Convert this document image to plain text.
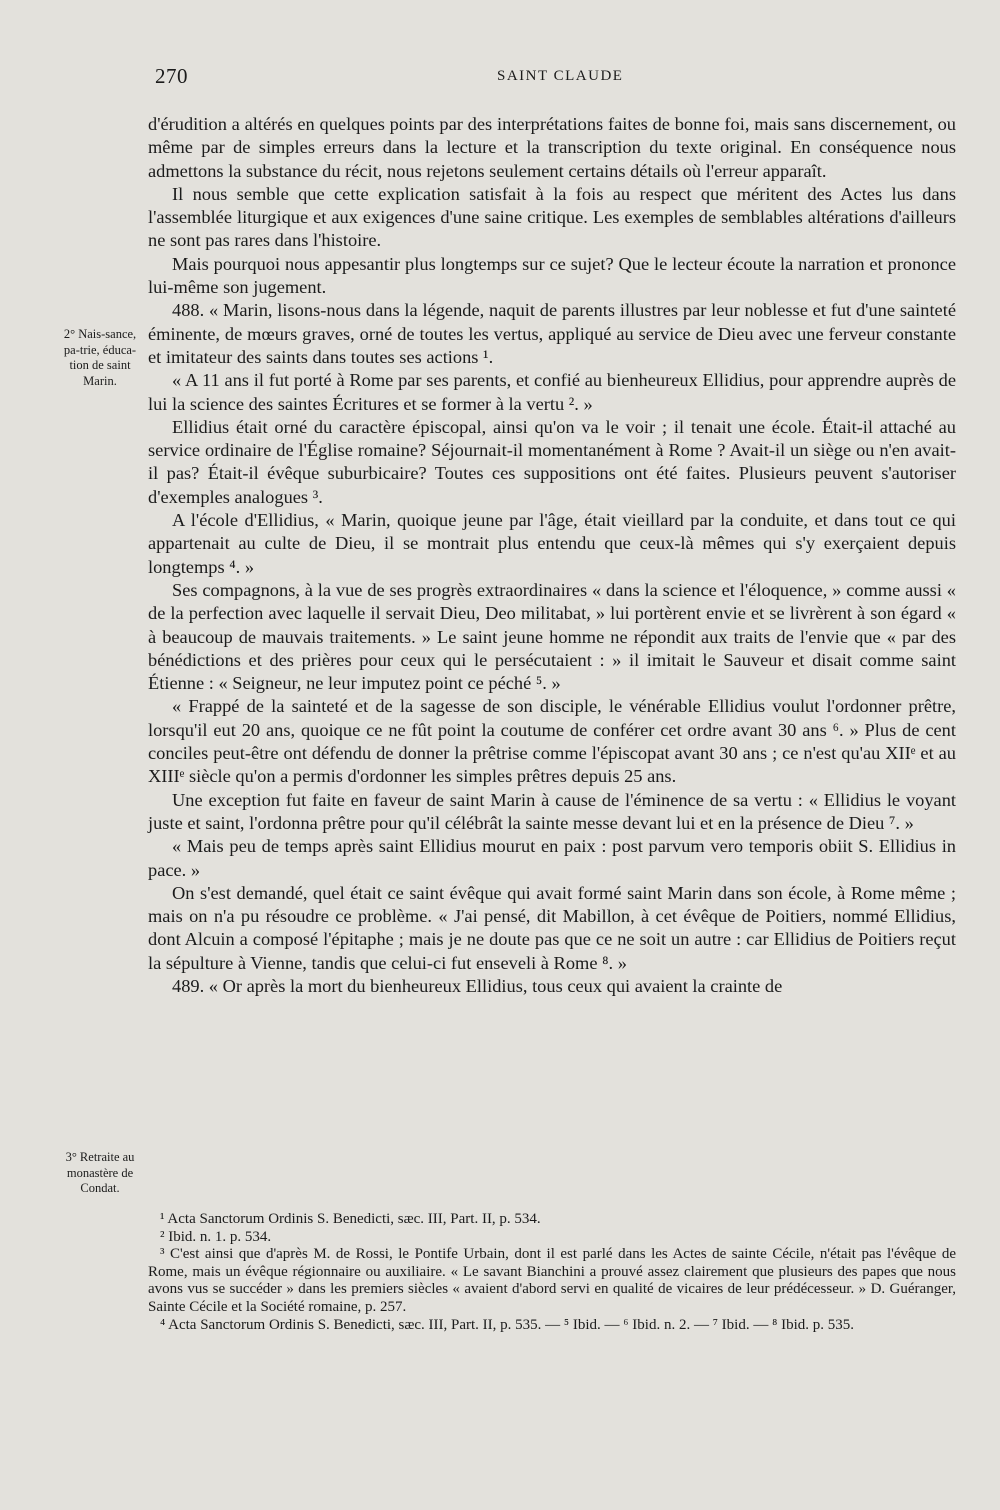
270	SAINT CLAUDE
2° Nais-sance, pa-trie, éduca-tion de saint Marin.
3° Retraite au monastère de Condat.

d'érudition a altérés en quelques points par des interprétations faites de bonne foi, mais sans discernement, ou même par de simples erreurs dans la lecture et la transcription du texte original. En conséquence nous admettons la substance du récit, nous rejetons seulement certains détails où l'erreur apparaît.

Il nous semble que cette explication satisfait à la fois au respect que méritent des Actes lus dans l'assemblée liturgique et aux exigences d'une saine critique. Les exemples de semblables altérations d'ailleurs ne sont pas rares dans l'histoire.

Mais pourquoi nous appesantir plus longtemps sur ce sujet? Que le lecteur écoute la narration et prononce lui-même son jugement.

488. « Marin, lisons-nous dans la légende, naquit de parents illustres par leur noblesse et fut d'une sainteté éminente, de mœurs graves, orné de toutes les vertus, appliqué au service de Dieu avec une ferveur constante et imitateur des saints dans toutes ses actions ¹.

« A 11 ans il fut porté à Rome par ses parents, et confié au bienheureux Ellidius, pour apprendre auprès de lui la science des saintes Écritures et se former à la vertu ². »

Ellidius était orné du caractère épiscopal, ainsi qu'on va le voir ; il tenait une école. Était-il attaché au service ordinaire de l'Église romaine? Séjournait-il momentanément à Rome ? Avait-il un siège ou n'en avait-il pas? Était-il évêque suburbicaire? Toutes ces suppositions ont été faites. Plusieurs peuvent s'autoriser d'exemples analogues ³.

A l'école d'Ellidius, « Marin, quoique jeune par l'âge, était vieillard par la conduite, et dans tout ce qui appartenait au culte de Dieu, il se montrait plus entendu que ceux-là mêmes qui s'y exerçaient depuis longtemps ⁴. »

Ses compagnons, à la vue de ses progrès extraordinaires « dans la science et l'éloquence, » comme aussi « de la perfection avec laquelle il servait Dieu, Deo militabat, » lui portèrent envie et se livrèrent à son égard « à beaucoup de mauvais traitements. » Le saint jeune homme ne répondit aux traits de l'envie que « par des bénédictions et des prières pour ceux qui le persécutaient : » il imitait le Sauveur et disait comme saint Étienne : « Seigneur, ne leur imputez point ce péché ⁵. »

« Frappé de la sainteté et de la sagesse de son disciple, le vénérable Ellidius voulut l'ordonner prêtre, lorsqu'il eut 20 ans, quoique ce ne fût point la coutume de conférer cet ordre avant 30 ans ⁶. » Plus de cent conciles peut-être ont défendu de donner la prêtrise comme l'épiscopat avant 30 ans ; ce n'est qu'au XIIᵉ et au XIIIᵉ siècle qu'on a permis d'ordonner les simples prêtres depuis 25 ans.

Une exception fut faite en faveur de saint Marin à cause de l'éminence de sa vertu : « Ellidius le voyant juste et saint, l'ordonna prêtre pour qu'il célébrât la sainte messe devant lui et en la présence de Dieu ⁷. »

« Mais peu de temps après saint Ellidius mourut en paix : post parvum vero temporis obiit S. Ellidius in pace. »

On s'est demandé, quel était ce saint évêque qui avait formé saint Marin dans son école, à Rome même ; mais on n'a pu résoudre ce problème. « J'ai pensé, dit Mabillon, à cet évêque de Poitiers, nommé Ellidius, dont Alcuin a composé l'épitaphe ; mais je ne doute pas que ce ne soit un autre : car Ellidius de Poitiers reçut la sépulture à Vienne, tandis que celui-ci fut enseveli à Rome ⁸. »

489. « Or après la mort du bienheureux Ellidius, tous ceux qui avaient la crainte de

¹ Acta Sanctorum Ordinis S. Benedicti, sæc. III, Part. II, p. 534.

² Ibid. n. 1. p. 534.

³ C'est ainsi que d'après M. de Rossi, le Pontife Urbain, dont il est parlé dans les Actes de sainte Cécile, n'était pas l'évêque de Rome, mais un évêque régionnaire ou auxiliaire. « Le savant Bianchini a prouvé assez clairement que plusieurs des papes que nous avons vus se succéder » dans les premiers siècles « avaient d'abord servi en qualité de vicaires de leur prédécesseur. » D. Guéranger, Sainte Cécile et la Société romaine, p. 257.

⁴ Acta Sanctorum Ordinis S. Benedicti, sæc. III, Part. II, p. 535. — ⁵ Ibid. — ⁶ Ibid. n. 2. — ⁷ Ibid. — ⁸ Ibid. p. 535.
